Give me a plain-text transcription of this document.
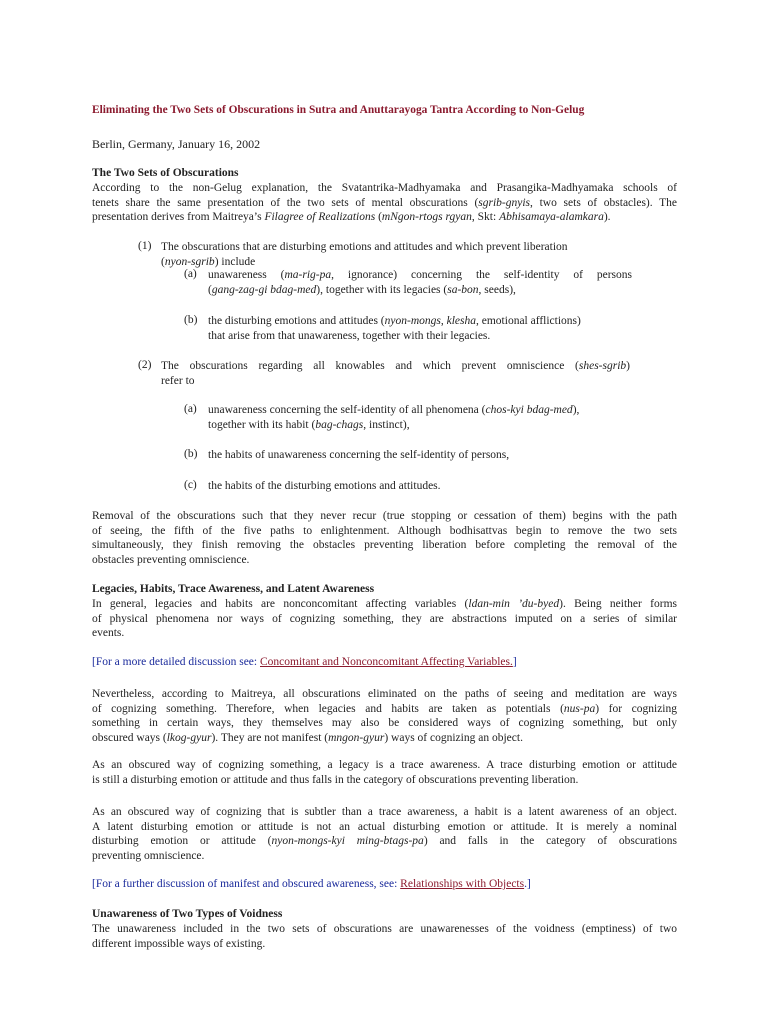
Eliminating the Two Sets of Obscurations in Sutra and Anuttarayoga Tantra According to Non-Gelug
Berlin, Germany, January 16, 2002
The Two Sets of Obscurations
According to the non-Gelug explanation, the Svatantrika-Madhyamaka and Prasangika-Madhyamaka schools of
tenets share the same presentation of the two sets of mental obscurations (sgrib-gnyis, two sets of obstacles). The
presentation derives from Maitreya’s Filagree of Realizations (mNgon-rtogs rgyan, Skt: Abhisamaya-alamkara).
(1) The obscurations that are disturbing emotions and attitudes and which prevent liberation
(nyon-sgrib) include
(a) unawareness (ma-rig-pa, ignorance) concerning the self-identity of persons
(gang-zag-gi bdag-med), together with its legacies (sa-bon, seeds),
(b) the disturbing emotions and attitudes (nyon-mongs, klesha, emotional afflictions)
that arise from that unawareness, together with their legacies.
(2) The obscurations regarding all knowables and which prevent omniscience (shes-sgrib)
refer to
(a) unawareness concerning the self-identity of all phenomena (chos-kyi bdag-med),
together with its habit (bag-chags, instinct),
(b) the habits of unawareness concerning the self-identity of persons,
(c) the habits of the disturbing emotions and attitudes.
Removal of the obscurations such that they never recur (true stopping or cessation of them) begins with the path
of seeing, the fifth of the five paths to enlightenment. Although bodhisattvas begin to remove the two sets
simultaneously, they finish removing the obstacles preventing liberation before completing the removal of the
obstacles preventing omniscience.
Legacies, Habits, Trace Awareness, and Latent Awareness
In general, legacies and habits are nonconcomitant affecting variables (ldan-min ’du-byed). Being neither forms
of physical phenomena nor ways of cognizing something, they are abstractions imputed on a series of similar
events.
[For a more detailed discussion see: Concomitant and Nonconcomitant Affecting Variables.]
Nevertheless, according to Maitreya, all obscurations eliminated on the paths of seeing and meditation are ways
of cognizing something. Therefore, when legacies and habits are taken as potentials (nus-pa) for cognizing
something in certain ways, they themselves may also be considered ways of cognizing something, but only
obscured ways (lkog-gyur). They are not manifest (mngon-gyur) ways of cognizing an object.
As an obscured way of cognizing something, a legacy is a trace awareness. A trace disturbing emotion or attitude
is still a disturbing emotion or attitude and thus falls in the category of obscurations preventing liberation.
As an obscured way of cognizing that is subtler than a trace awareness, a habit is a latent awareness of an object.
A latent disturbing emotion or attitude is not an actual disturbing emotion or attitude. It is merely a nominal
disturbing emotion or attitude (nyon-mongs-kyi ming-btags-pa) and falls in the category of obscurations
preventing omniscience.
[For a further discussion of manifest and obscured awareness, see: Relationships with Objects.]
Unawareness of Two Types of Voidness
The unawareness included in the two sets of obscurations are unawarenesses of the voidness (emptiness) of two
different impossible ways of existing.
